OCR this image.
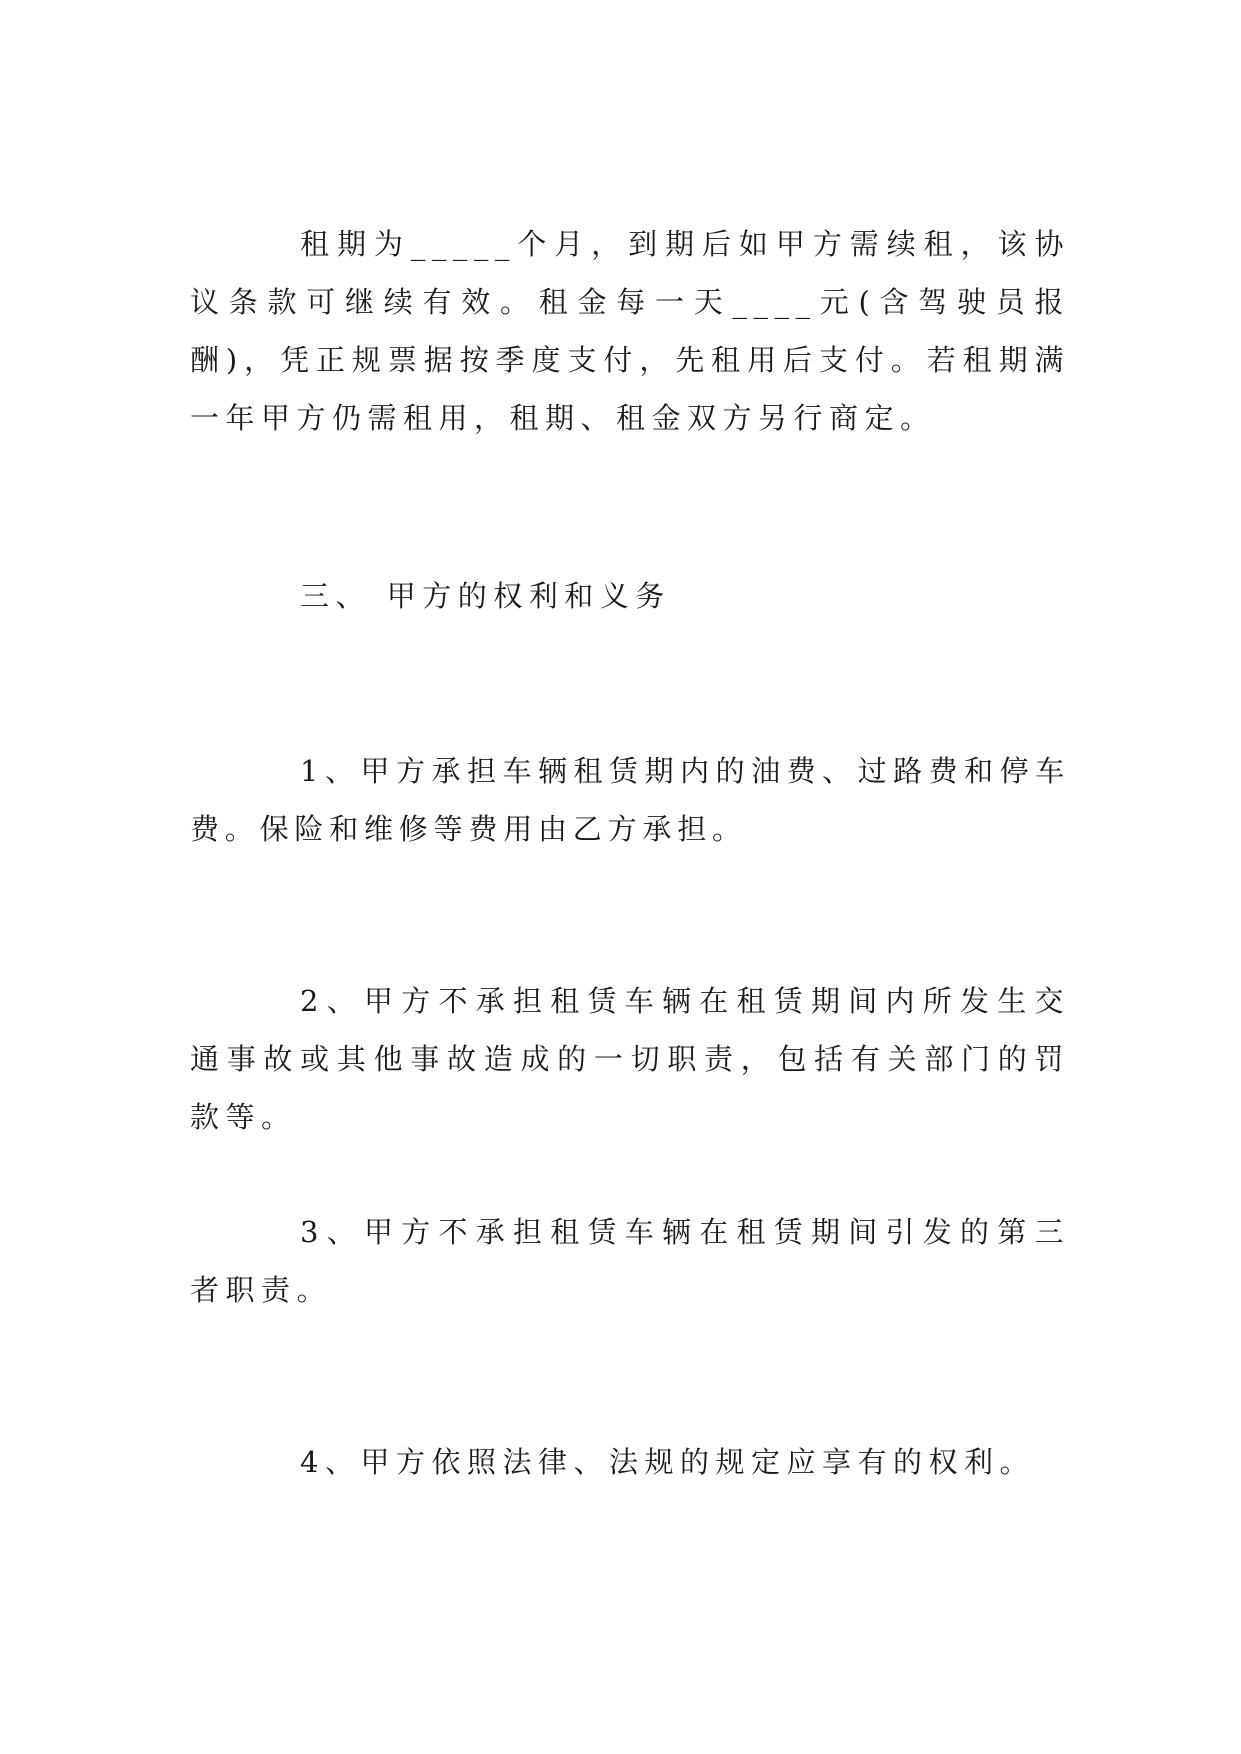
租期为_____个月，到期后如甲方需续租，该协议条款可继续有效。租金每一天____元(含驾驶员报酬)，凭正规票据按季度支付，先租用后支付。若租期满一年甲方仍需租用，租期、租金双方另行商定。

三、 甲方的权利和义务

1、甲方承担车辆租赁期内的油费、过路费和停车费。保险和维修等费用由乙方承担。

2、甲方不承担租赁车辆在租赁期间内所发生交通事故或其他事故造成的一切职责，包括有关部门的罚款等。

3、甲方不承担租赁车辆在租赁期间引发的第三者职责。

4、甲方依照法律、法规的规定应享有的权利。
